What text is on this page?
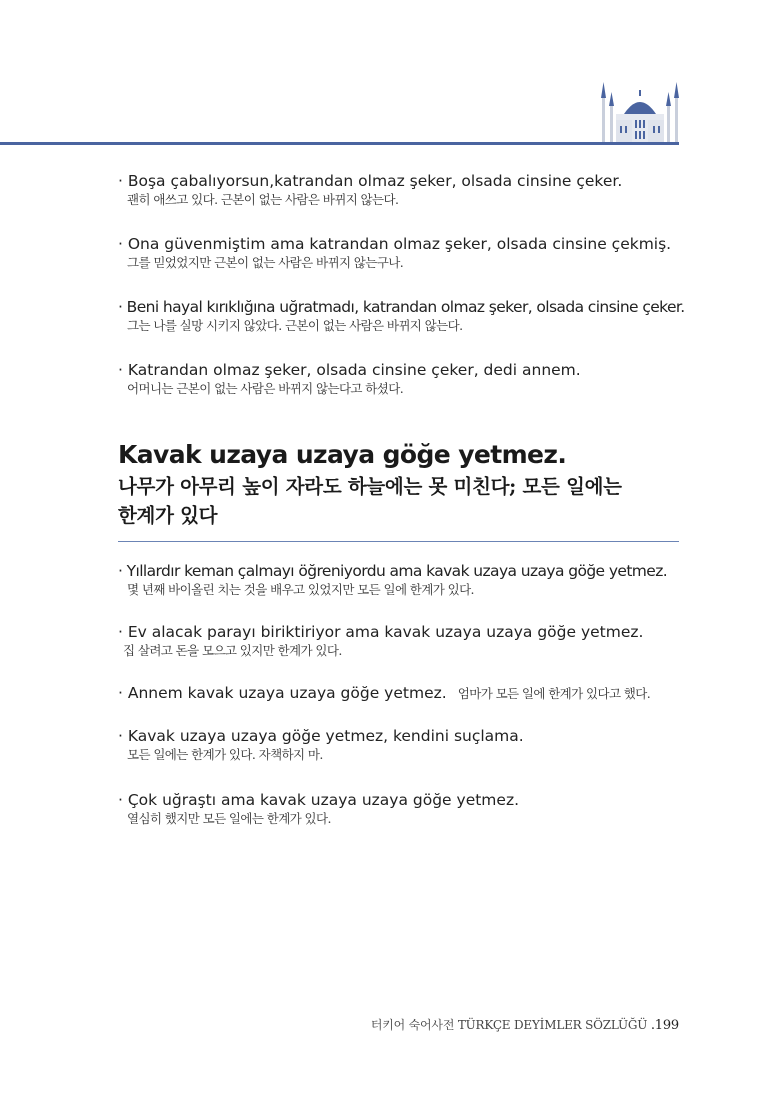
· Boşa çabalıyorsun,katrandan olmaz şeker, olsada cinsine çeker.
괜히 애쓰고 있다. 근본이 없는 사람은 바뀌지 않는다.
· Ona güvenmiştim ama katrandan olmaz şeker, olsada cinsine çekmiş.
그를 믿었었지만 근본이 없는 사람은 바뀌지 않는구나.
· Beni hayal kırıklığına uğratmadı, katrandan olmaz şeker, olsada cinsine çeker.
그는 나를 실망 시키지 않았다. 근본이 없는 사람은 바뀌지 않는다.
· Katrandan olmaz şeker, olsada cinsine çeker, dedi annem.
어머니는 근본이 없는 사람은 바뀌지 않는다고 하셨다.
Kavak uzaya uzaya göğe yetmez.
나무가 아무리 높이 자라도 하늘에는 못 미친다; 모든 일에는
한계가 있다
· Yıllardır keman çalmayı öğreniyordu ama kavak uzaya uzaya göğe yetmez.
몇 년째 바이올린 치는 것을 배우고 있었지만 모든 일에 한계가 있다.
· Ev alacak parayı biriktiriyor ama kavak uzaya uzaya göğe yetmez.
집 살려고 돈을 모으고 있지만 한계가 있다.
· Annem kavak uzaya uzaya göğe yetmez. 엄마가 모든 일에 한계가 있다고 했다.
· Kavak uzaya uzaya göğe yetmez, kendini suçlama.
모든 일에는 한계가 있다. 자책하지 마.
· Çok uğraştı ama kavak uzaya uzaya göğe yetmez.
열심히 했지만 모든 일에는 한계가 있다.
터키어 숙어사전 TÜRKÇE DEYİMLER SÖZLÜĞÜ .199
